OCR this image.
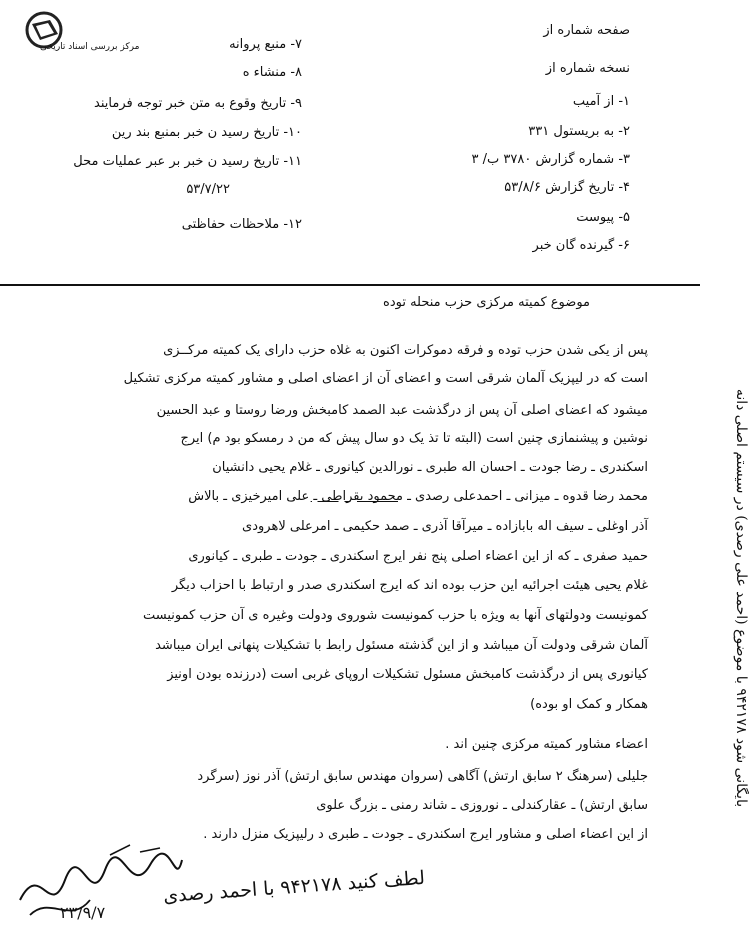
مرکز بررسی اسناد تاریخی
صفحه شماره از
نسخه شماره از
۱- از آمیب
۲- به بریستول ۳۳۱
۳- شماره گزارش ۳۷۸۰ ب/ ۳
۴- تاریخ گزارش ۵۳/۸/۶
۵- پیوست
۶- گیرنده گان خبر
۷- منبع پروانه
۸- منشاء ه
۹- تاریخ وقوع به متن خبر توجه فرمایند
۱۰- تاریخ رسید ن خبر بمنبع بند رین
۱۱- تاریخ رسید ن خبر بر عبر عملیات محل
۵۳/۷/۲۲
۱۲- ملاحظات حفاظتی
موضوع کمیته مرکزی حزب منحله توده
پس از یکی شدن حزب توده و فرقه دموکرات اکنون به غلاه حزب دارای یک کمیته مرکــزی
است که در لیپزیک آلمان شرقی است و اعضای آن از اعضای اصلی و مشاور کمیته مرکزی تشکیل
میشود که اعضای اصلی آن پس از درگذشت عبد الصمد کامبخش ورضا روستا و عبد الحسین
نوشین و پیشنمازی چنین است (البته تا تذ یک دو سال پیش که من د رمسکو بود م) ایرج
اسکندری ـ رضا جودت ـ احسان اله طبری ـ نورالدین کیانوری ـ غلام یحیی دانشیان
محمد رضا قدوه ـ میزانی ـ احمدعلی رصدی ـ محمود بقراطی ـ علی امیرخیزی ـ بالاش
آذر اوغلی ـ سیف اله بابازاده ـ میرآقا آذری ـ صمد حکیمی ـ امرعلی لاهرودی
حمید صفری ـ که از این اعضاء اصلی پنج نفر ایرج اسکندری ـ جودت ـ طبری ـ کیانوری
غلام یحیی هیئت اجرائیه این حزب بوده اند که ایرج اسکندری صدر و ارتباط با احزاب دیگر
کمونیست ودولتهای آنها به ویژه با حزب کمونیست شوروی ودولت وغیره ی آن حزب کمونیست
آلمان شرقی ودولت آن میباشد و از این گذشته مسئول رابط با تشکیلات پنهانی ایران میباشد
کیانوری پس از درگذشت کامبخش مسئول تشکیلات اروپای غربی است (درزنده بودن اونیز
همکار و کمک او بوده)
اعضاء مشاور کمیته مرکزی چنین اند .
جلیلی (سرهنگ ۲ سابق ارتش) آگاهی (سروان مهندس سابق ارتش) آذر نوز (سرگرد
سابق ارتش) ـ عقارکندلی ـ نوروزی ـ شاند رمنی ـ بزرگ علوی
از این اعضاء اصلی و مشاور ایرج اسکندری ـ جودت ـ طبری د رلیپزیک منزل دارند .
بایگانی شود ۹۴۲۱۷۸ با موضوع (احمد علی رصدی) در سیستم اصلی دانه
لطف کنید ۹۴۲۱۷۸ با احمد رصدی
۲۳/۹/۷
